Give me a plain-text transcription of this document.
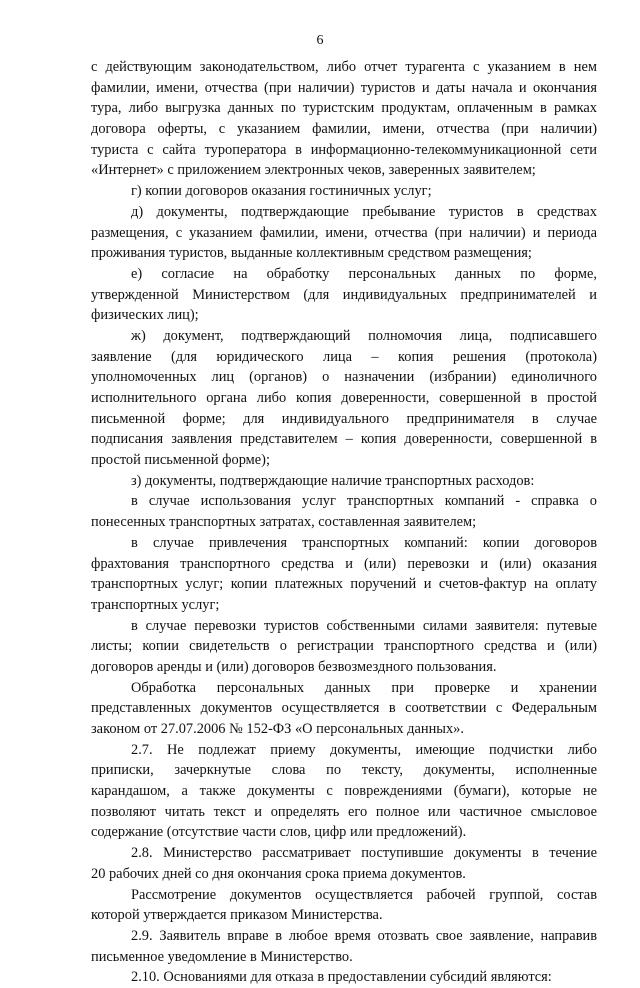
6
с действующим законодательством, либо отчет турагента с указанием в нем
фамилии, имени, отчества (при наличии) туристов и даты начала и окончания
тура, либо выгрузка данных по туристским продуктам, оплаченным в рамках
договора оферты, с указанием фамилии, имени, отчества (при наличии)
туриста с сайта туроператора в информационно-телекоммуникационной сети
«Интернет» с приложением электронных чеков, заверенных заявителем;
г) копии договоров оказания гостиничных услуг;
д) документы, подтверждающие пребывание туристов в средствах
размещения, с указанием фамилии, имени, отчества (при наличии) и периода
проживания туристов, выданные коллективным средством размещения;
е) согласие на обработку персональных данных по форме,
утвержденной Министерством (для индивидуальных предпринимателей и
физических лиц);
ж) документ, подтверждающий полномочия лица, подписавшего
заявление (для юридического лица – копия решения (протокола)
уполномоченных лиц (органов) о назначении (избрании) единоличного
исполнительного органа либо копия доверенности, совершенной в простой
письменной форме; для индивидуального предпринимателя в случае
подписания заявления представителем – копия доверенности, совершенной в
простой письменной форме);
з) документы, подтверждающие наличие транспортных расходов:
в случае использования услуг транспортных компаний - справка о
понесенных транспортных затратах, составленная заявителем;
в случае привлечения транспортных компаний: копии договоров
фрахтования транспортного средства и (или) перевозки и (или) оказания
транспортных услуг; копии платежных поручений и счетов-фактур на оплату
транспортных услуг;
в случае перевозки туристов собственными силами заявителя: путевые
листы; копии свидетельств о регистрации транспортного средства и (или)
договоров аренды и (или) договоров безвозмездного пользования.
Обработка персональных данных при проверке и хранении
представленных документов осуществляется в соответствии с Федеральным
законом от 27.07.2006 № 152-ФЗ «О персональных данных».
2.7. Не подлежат приему документы, имеющие подчистки либо
приписки, зачеркнутые слова по тексту, документы, исполненные
карандашом, а также документы с повреждениями (бумаги), которые не
позволяют читать текст и определять его полное или частичное смысловое
содержание (отсутствие части слов, цифр или предложений).
2.8. Министерство рассматривает поступившие документы в течение
20 рабочих дней со дня окончания срока приема документов.
Рассмотрение документов осуществляется рабочей группой, состав
которой утверждается приказом Министерства.
2.9. Заявитель вправе в любое время отозвать свое заявление, направив
письменное уведомление в Министерство.
2.10. Основаниями для отказа в предоставлении субсидий являются:
